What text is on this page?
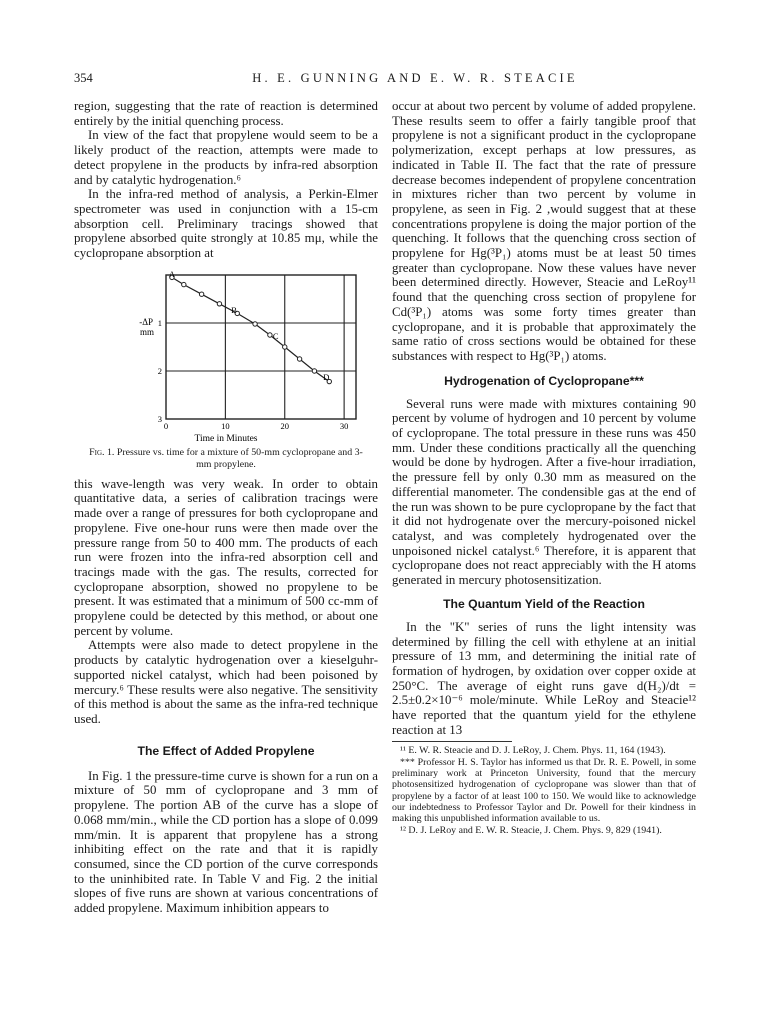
354	H. E. GUNNING AND E. W. R. STEACIE

region, suggesting that the rate of reaction is determined entirely by the initial quenching process.

In view of the fact that propylene would seem to be a likely product of the reaction, attempts were made to detect propylene in the products by infra-red absorption and by catalytic hydrogenation.⁶

In the infra-red method of analysis, a Perkin-Elmer spectrometer was used in conjunction with a 15-cm absorption cell. Preliminary tracings showed that propylene absorbed quite strongly at 10.85 mμ, while the cyclopropane absorption at

0	10	20	30
1
2
3
A
B
C
D
-ΔP
mm
Time in Minutes
Fig. 1. Pressure vs. time for a mixture of 50-mm cyclopropane and 3-mm propylene.

this wave-length was very weak. In order to obtain quantitative data, a series of calibration tracings were made over a range of pressures for both cyclopropane and propylene. Five one-hour runs were then made over the pressure range from 50 to 400 mm. The products of each run were frozen into the infra-red absorption cell and tracings made with the gas. The results, corrected for cyclopropane absorption, showed no propylene to be present. It was estimated that a minimum of 500 cc-mm of propylene could be detected by this method, or about one percent by volume.

Attempts were also made to detect propylene in the products by catalytic hydrogenation over a kieselguhr-supported nickel catalyst, which had been poisoned by mercury.⁶ These results were also negative. The sensitivity of this method is about the same as the infra-red technique used.

The Effect of Added Propylene

In Fig. 1 the pressure-time curve is shown for a run on a mixture of 50 mm of cyclopropane and 3 mm of propylene. The portion AB of the curve has a slope of 0.068 mm/min., while the CD portion has a slope of 0.099 mm/min. It is apparent that propylene has a strong inhibiting effect on the rate and that it is rapidly consumed, since the CD portion of the curve corresponds to the uninhibited rate. In Table V and Fig. 2 the initial slopes of five runs are shown at various concentrations of added propylene. Maximum inhibition appears to

occur at about two percent by volume of added propylene. These results seem to offer a fairly tangible proof that propylene is not a significant product in the cyclopropane polymerization, except perhaps at low pressures, as indicated in Table II. The fact that the rate of pressure decrease becomes independent of propylene concentration in mixtures richer than two percent by volume in propylene, as seen in Fig. 2 ,would suggest that at these concentrations propylene is doing the major portion of the quenching. It follows that the quenching cross section of propylene for Hg(³P₁) atoms must be at least 50 times greater than cyclopropane. Now these values have never been determined directly. However, Steacie and LeRoy¹¹ found that the quenching cross section of propylene for Cd(³P₁) atoms was some forty times greater than cyclopropane, and it is probable that approximately the same ratio of cross sections would be obtained for these substances with respect to Hg(³P₁) atoms.

Hydrogenation of Cyclopropane***

Several runs were made with mixtures containing 90 percent by volume of hydrogen and 10 percent by volume of cyclopropane. The total pressure in these runs was 450 mm. Under these conditions practically all the quenching would be done by hydrogen. After a five-hour irradiation, the pressure fell by only 0.30 mm as measured on the differential manometer. The condensible gas at the end of the run was shown to be pure cyclopropane by the fact that it did not hydrogenate over the mercury-poisoned nickel catalyst, and was completely hydrogenated over the unpoisoned nickel catalyst.⁶ Therefore, it is apparent that cyclopropane does not react appreciably with the H atoms generated in mercury photosensitization.

The Quantum Yield of the Reaction

In the "K" series of runs the light intensity was determined by filling the cell with ethylene at an initial pressure of 13 mm, and determining the initial rate of formation of hydrogen, by oxidation over copper oxide at 250°C. The average of eight runs gave d(H₂)/dt = 2.5±0.2×10⁻⁶ mole/minute. While LeRoy and Steacie¹² have reported that the quantum yield for the ethylene reaction at 13

¹¹ E. W. R. Steacie and D. J. LeRoy, J. Chem. Phys. 11, 164 (1943).

*** Professor H. S. Taylor has informed us that Dr. R. E. Powell, in some preliminary work at Princeton University, found that the mercury photosensitized hydrogenation of cyclopropane was slower than that of propylene by a factor of at least 100 to 150. We would like to acknowledge our indebtedness to Professor Taylor and Dr. Powell for their kindness in making this unpublished information available to us.

¹² D. J. LeRoy and E. W. R. Steacie, J. Chem. Phys. 9, 829 (1941).
